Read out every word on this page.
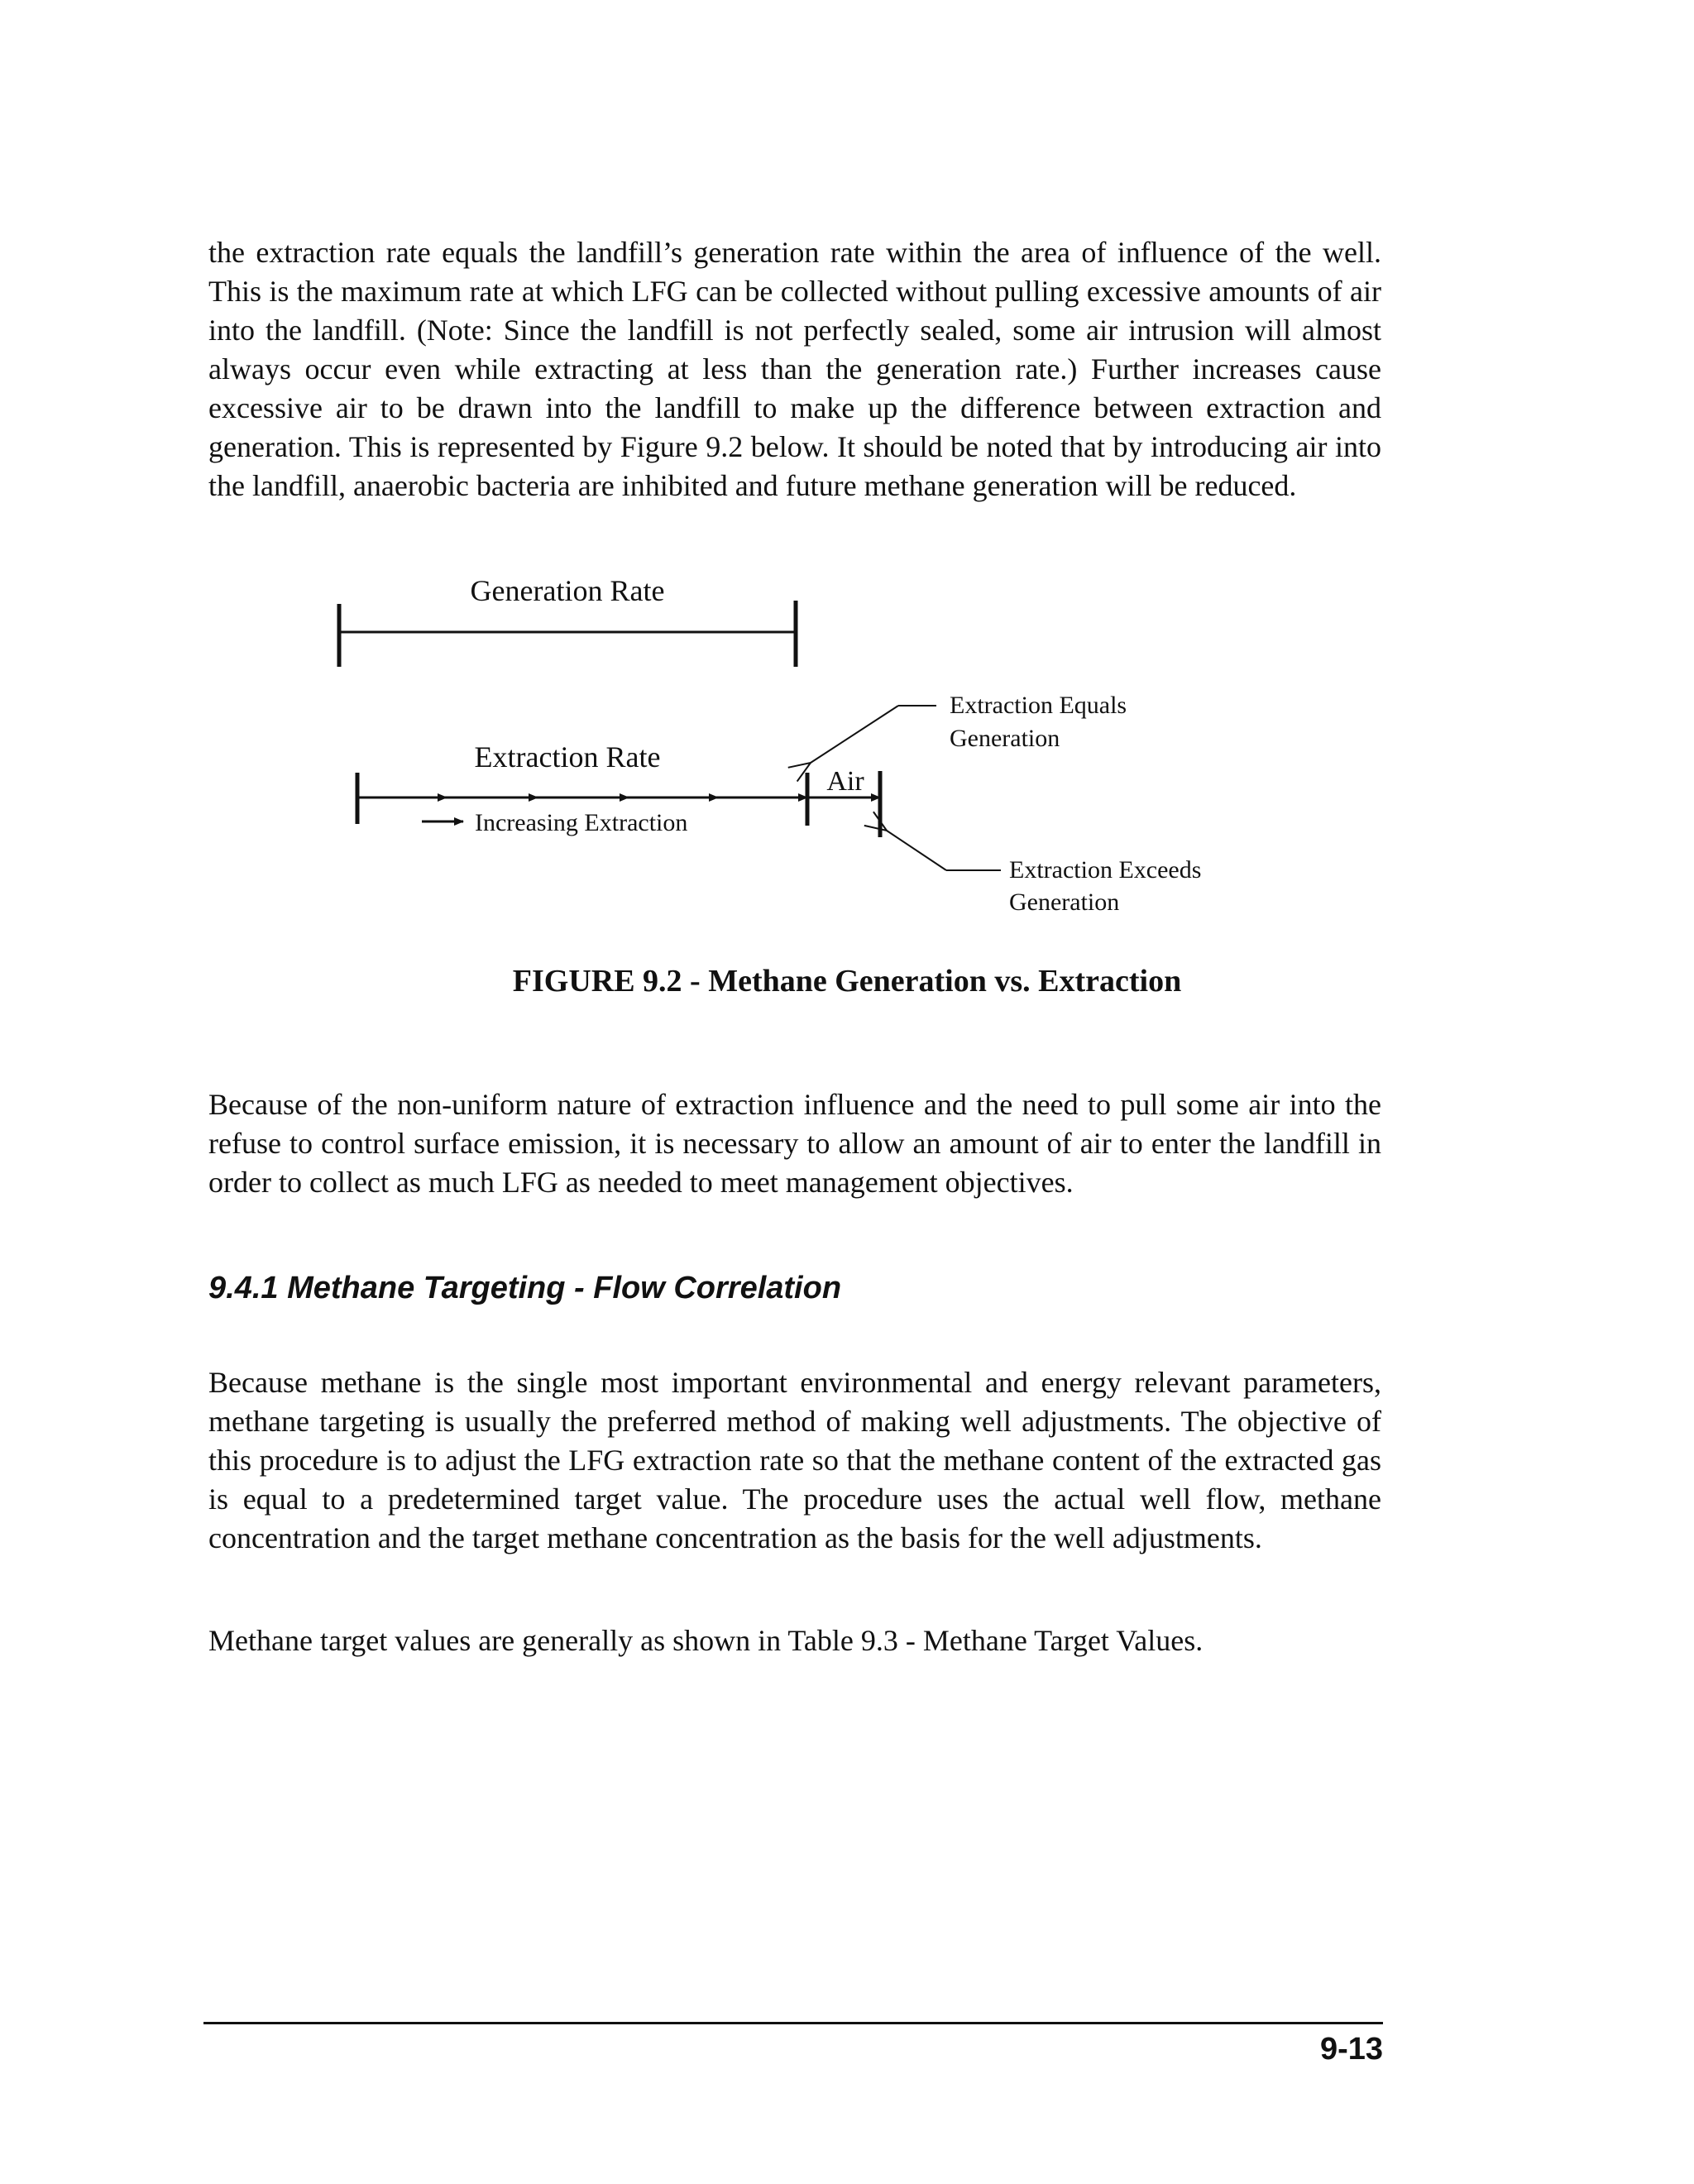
the extraction rate equals the landfill’s generation rate within the area of influence of the well. This is the maximum rate at which LFG can be collected without pulling excessive amounts of air into the landfill. (Note: Since the landfill is not perfectly sealed, some air intrusion will almost always occur even while extracting at less than the generation rate.) Further increases cause excessive air to be drawn into the landfill to make up the difference between extraction and generation. This is represented by Figure 9.2 below. It should be noted that by introducing air into the landfill, anaerobic bacteria are inhibited and future methane generation will be reduced.

Generation Rate
Extraction Rate
Air
Increasing Extraction
Extraction Equals
Generation
Extraction Exceeds
Generation

FIGURE 9.2 - Methane Generation vs. Extraction

Because of the non-uniform nature of extraction influence and the need to pull some air into the refuse to control surface emission, it is necessary to allow an amount of air to enter the landfill in order to collect as much LFG as needed to meet management objectives.

9.4.1 Methane Targeting - Flow Correlation

Because methane is the single most important environmental and energy relevant parameters, methane targeting is usually the preferred method of making well adjustments. The objective of this procedure is to adjust the LFG extraction rate so that the methane content of the extracted gas is equal to a predetermined target value. The procedure uses the actual well flow, methane concentration and the target methane concentration as the basis for the well adjustments.

Methane target values are generally as shown in Table 9.3 - Methane Target Values.

9-13
